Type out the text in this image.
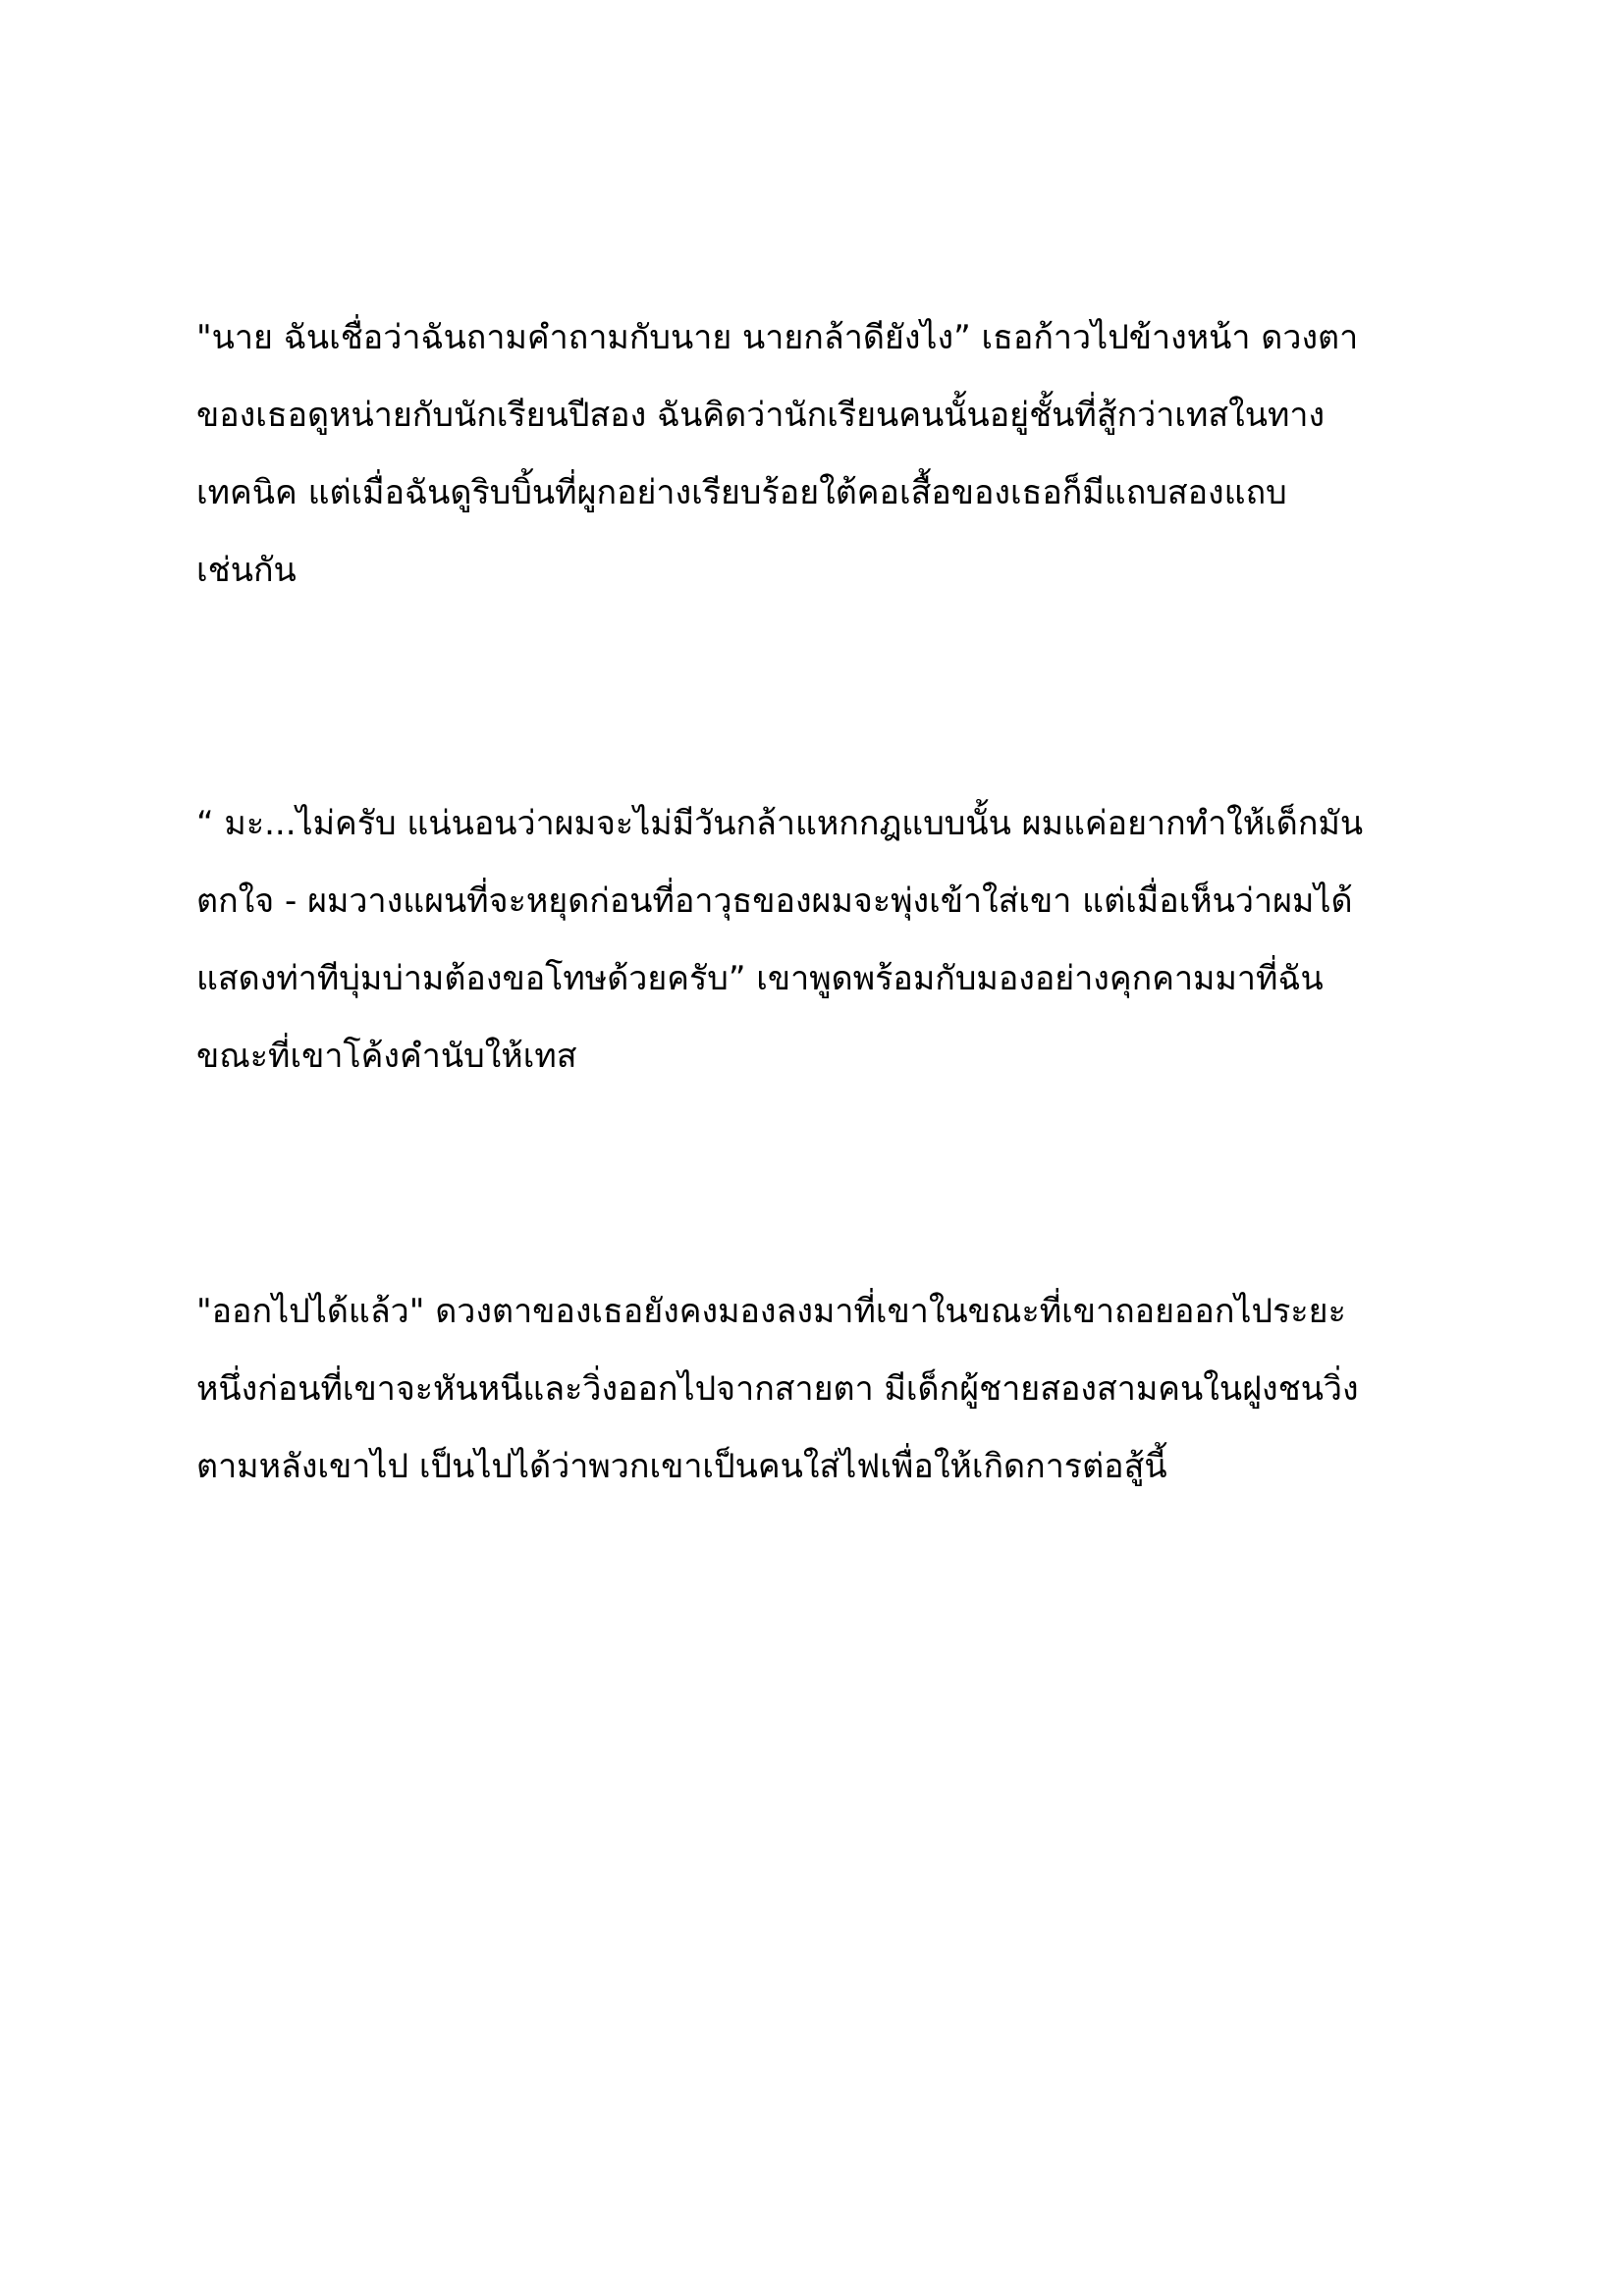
"นาย ฉันเชื่อว่าฉันถามคำถามกับนาย นายกล้าดียังไง” เธอก้าวไปข้างหน้า ดวงตา
ของเธอดูหน่ายกับนักเรียนปีสอง ฉันคิดว่านักเรียนคนนั้นอยู่ชั้นที่สู้กว่าเทสในทาง
เทคนิค แต่เมื่อฉันดูริบบิ้นที่ผูกอย่างเรียบร้อยใต้คอเสื้อของเธอก็มีแถบสองแถบ
เช่นกัน
“ มะ...ไม่ครับ แน่นอนว่าผมจะไม่มีวันกล้าแหกกฎแบบนั้น ผมแค่อยากทำให้เด็กมัน
ตกใจ - ผมวางแผนที่จะหยุดก่อนที่อาวุธของผมจะพุ่งเข้าใส่เขา แต่เมื่อเห็นว่าผมได้
แสดงท่าทีบุ่มบ่ามต้องขอโทษด้วยครับ” เขาพูดพร้อมกับมองอย่างคุกคามมาที่ฉัน
ขณะที่เขาโค้งคำนับให้เทส
"ออกไปได้แล้ว" ดวงตาของเธอยังคงมองลงมาที่เขาในขณะที่เขาถอยออกไประยะ
หนึ่งก่อนที่เขาจะหันหนีและวิ่งออกไปจากสายตา มีเด็กผู้ชายสองสามคนในฝูงชนวิ่ง
ตามหลังเขาไป เป็นไปได้ว่าพวกเขาเป็นคนใส่ไฟเพื่อให้เกิดการต่อสู้นี้
